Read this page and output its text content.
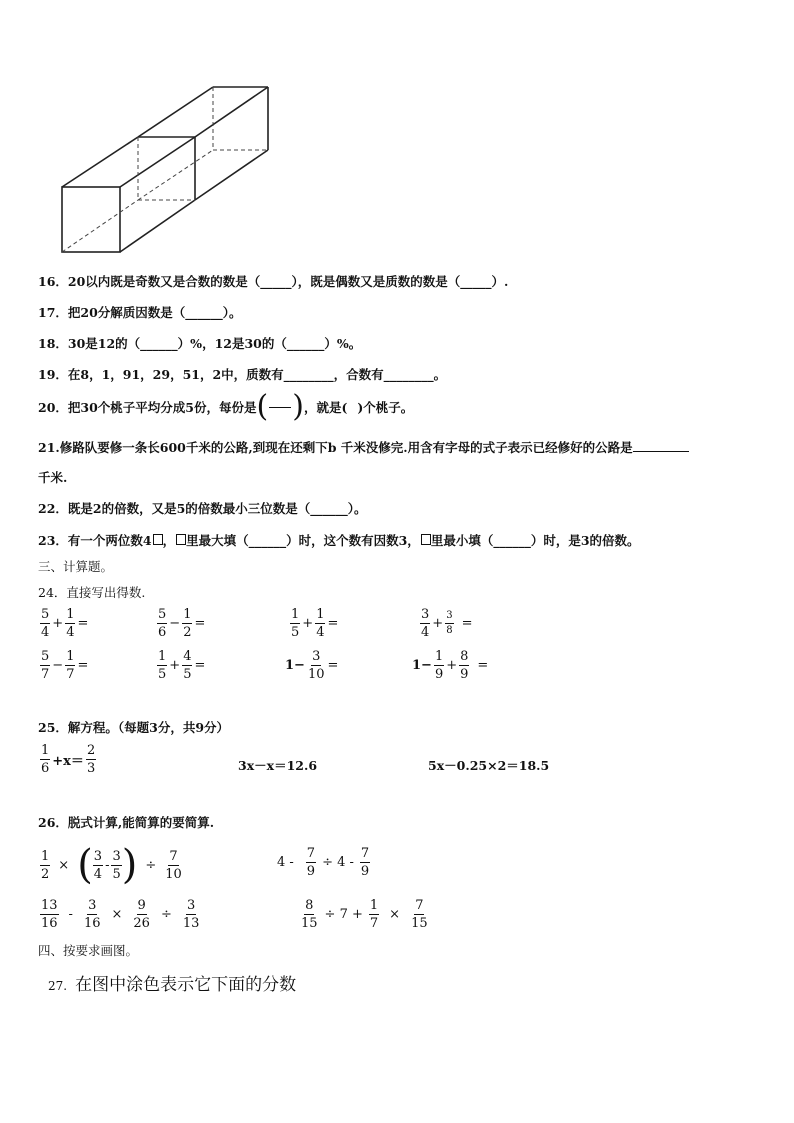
16．20以内既是奇数又是合数的数是（_____），既是偶数又是质数的数是（_____）.
17．把20分解质因数是（______）。
18．30是12的（______）%，12是30的（______）%。
19．在8，1，91，29，51，2中，质数有________，合数有________。
20．把30个桃子平均分成5份，每份是 ( ) ，就是( )个桃子。
21.修路队要修一条长600千米的公路,到现在还剩下b 千米没修完.用含有字母的式子表示已经修好的公路是
千米.
22．既是2的倍数，又是5的倍数最小三位数是（______）。
23．有一个两位数4 ， 里最大填（______）时，这个数有因数3， 里最小填（______）时，是3的倍数。
三、计算题。
24．直接写出得数.
$\frac{5}{4} + \frac{1}{4}$ =	$\frac{5}{6} - \frac{1}{2}$ =	$\frac{1}{5} + \frac{1}{4}$ =	$\frac{3}{4} + \frac{3}{8}$ =
$\frac{5}{7} - \frac{1}{7}$ =	$\frac{1}{5} + \frac{4}{5}$ =	$1- \frac{3}{10}$ =	$1- \frac{1}{9} + \frac{8}{9}$ =
25．解方程。（每题3分，共9分）
$\frac{1}{6} +x= \frac{2}{3}$	3x－x＝12.6	5x－0.25×2＝18.5
26．脱式计算,能简算的要简算.
$\frac{1}{2}$ × ( $\frac{3}{4} - \frac{3}{5}$ ) ÷ $\frac{7}{10}$	$4 - \frac{7}{9} \div 4 - \frac{7}{9}$
$\frac{13}{16} - \frac{3}{16} \times \frac{9}{26} \div \frac{3}{13}$	$\frac{8}{15} \div 7 + \frac{1}{7} \times \frac{7}{15}$
四、按要求画图。
27. 在图中涂色表示它下面的分数
